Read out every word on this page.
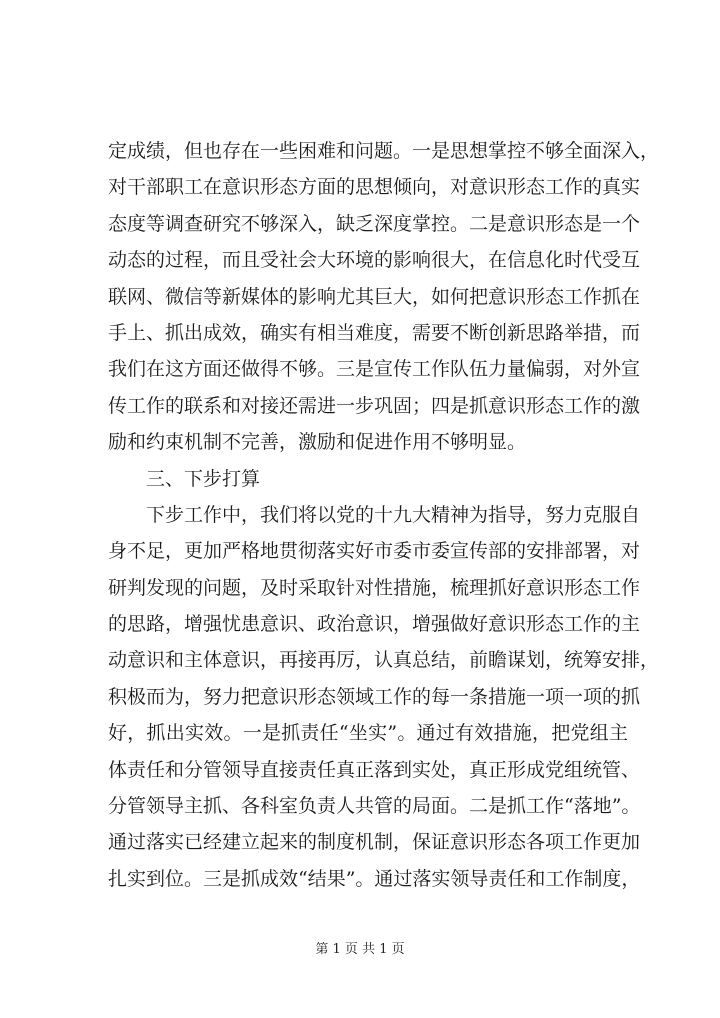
定成绩，但也存在一些困难和问题。一是思想掌控不够全面深入，
对干部职工在意识形态方面的思想倾向，对意识形态工作的真实
态度等调查研究不够深入，缺乏深度掌控。二是意识形态是一个
动态的过程，而且受社会大环境的影响很大，在信息化时代受互
联网、微信等新媒体的影响尤其巨大，如何把意识形态工作抓在
手上、抓出成效，确实有相当难度，需要不断创新思路举措，而
我们在这方面还做得不够。三是宣传工作队伍力量偏弱，对外宣
传工作的联系和对接还需进一步巩固；四是抓意识形态工作的激
励和约束机制不完善，激励和促进作用不够明显。
三、下步打算
下步工作中，我们将以党的十九大精神为指导，努力克服自
身不足，更加严格地贯彻落实好市委市委宣传部的安排部署，对
研判发现的问题，及时采取针对性措施，梳理抓好意识形态工作
的思路，增强忧患意识、政治意识，增强做好意识形态工作的主
动意识和主体意识，再接再厉，认真总结，前瞻谋划，统筹安排，
积极而为，努力把意识形态领域工作的每一条措施一项一项的抓
好，抓出实效。一是抓责任“坐实”。通过有效措施，把党组主
体责任和分管领导直接责任真正落到实处，真正形成党组统管、
分管领导主抓、各科室负责人共管的局面。二是抓工作“落地”。
通过落实已经建立起来的制度机制，保证意识形态各项工作更加
扎实到位。三是抓成效“结果”。通过落实领导责任和工作制度，
第 1 页 共 1 页
